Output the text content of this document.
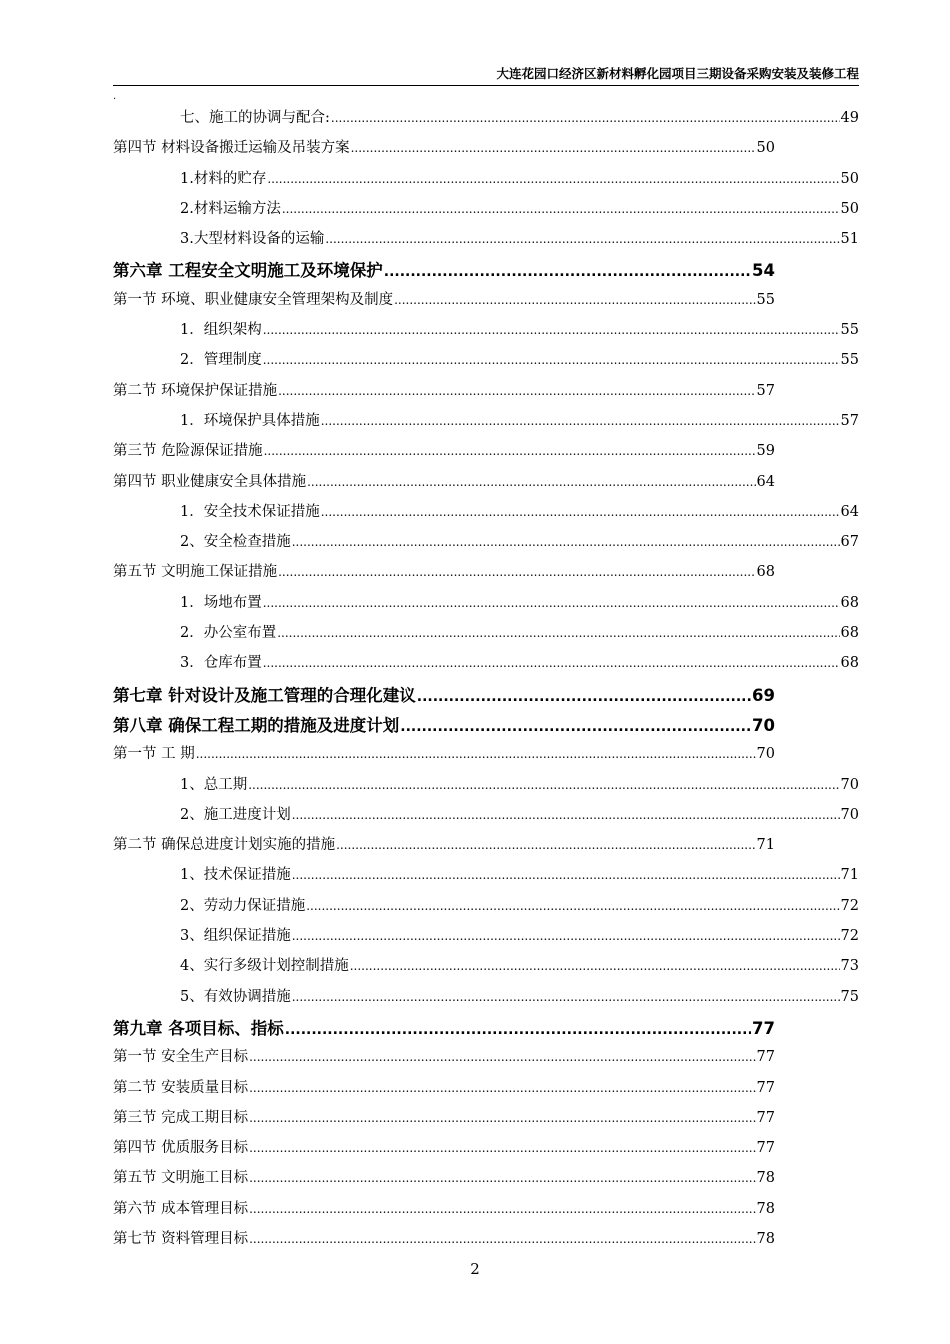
大连花园口经济区新材料孵化园项目三期设备采购安装及装修工程
.
七、施工的协调与配合: .....	49
第四节 材料设备搬迁运输及吊装方案 .....	50
1.材料的贮存 .....	50
2.材料运输方法 .....	50
3.大型材料设备的运输 .....	51
第六章 工程安全文明施工及环境保护 .....	54
第一节 环境、职业健康安全管理架构及制度 .....	55
1．组织架构 .....	55
2．管理制度 .....	55
第二节 环境保护保证措施 .....	57
1．环境保护具体措施 .....	57
第三节 危险源保证措施 .....	59
第四节 职业健康安全具体措施 .....	64
1．安全技术保证措施 .....	64
2、安全检查措施 .....	67
第五节 文明施工保证措施 .....	68
1．场地布置 .....	68
2．办公室布置 .....	68
3．仓库布置 .....	68
第七章 针对设计及施工管理的合理化建议 .....	69
第八章 确保工程工期的措施及进度计划 .....	70
第一节 工 期 .....	70
1、总工期 .....	70
2、施工进度计划 .....	70
第二节 确保总进度计划实施的措施 .....	71
1、技术保证措施 .....	71
2、劳动力保证措施 .....	72
3、组织保证措施 .....	72
4、实行多级计划控制措施 .....	73
5、有效协调措施 .....	75
第九章 各项目标、指标 .....	77
第一节 安全生产目标 .....	77
第二节 安装质量目标 .....	77
第三节 完成工期目标 .....	77
第四节 优质服务目标 .....	77
第五节 文明施工目标 .....	78
第六节 成本管理目标 .....	78
第七节 资料管理目标 .....	78
2
